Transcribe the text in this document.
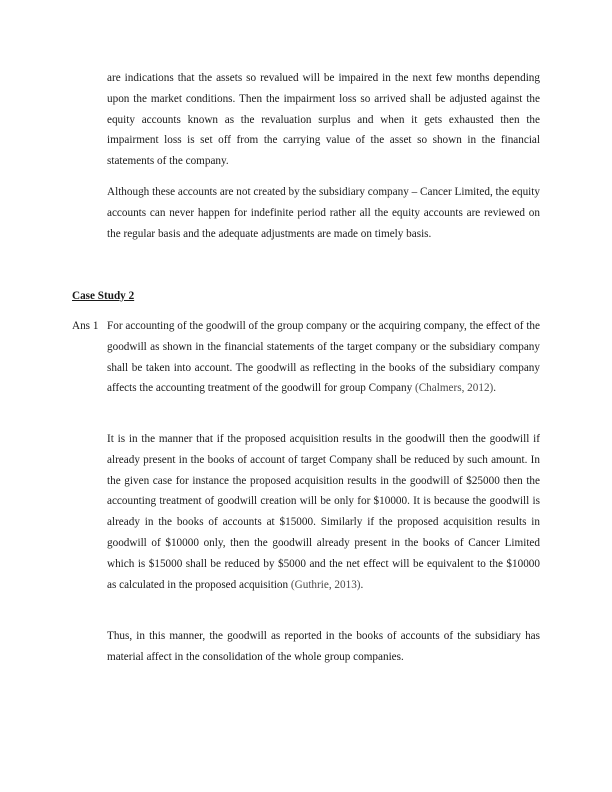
are indications that the assets so revalued will be impaired in the next few months depending upon the market conditions. Then the impairment loss so arrived shall be adjusted against the equity accounts known as the revaluation surplus and when it gets exhausted then the impairment loss is set off from the carrying value of the asset so shown in the financial statements of the company.

Although these accounts are not created by the subsidiary company – Cancer Limited, the equity accounts can never happen for indefinite period rather all the equity accounts are reviewed on the regular basis and the adequate adjustments are made on timely basis.

Case Study 2

Ans 1 For accounting of the goodwill of the group company or the acquiring company, the effect of the goodwill as shown in the financial statements of the target company or the subsidiary company shall be taken into account. The goodwill as reflecting in the books of the subsidiary company affects the accounting treatment of the goodwill for group Company (Chalmers, 2012).

It is in the manner that if the proposed acquisition results in the goodwill then the goodwill if already present in the books of account of target Company shall be reduced by such amount. In the given case for instance the proposed acquisition results in the goodwill of $25000 then the accounting treatment of goodwill creation will be only for $10000. It is because the goodwill is already in the books of accounts at $15000. Similarly if the proposed acquisition results in goodwill of $10000 only, then the goodwill already present in the books of Cancer Limited which is $15000 shall be reduced by $5000 and the net effect will be equivalent to the $10000 as calculated in the proposed acquisition (Guthrie, 2013).

Thus, in this manner, the goodwill as reported in the books of accounts of the subsidiary has material affect in the consolidation of the whole group companies.
